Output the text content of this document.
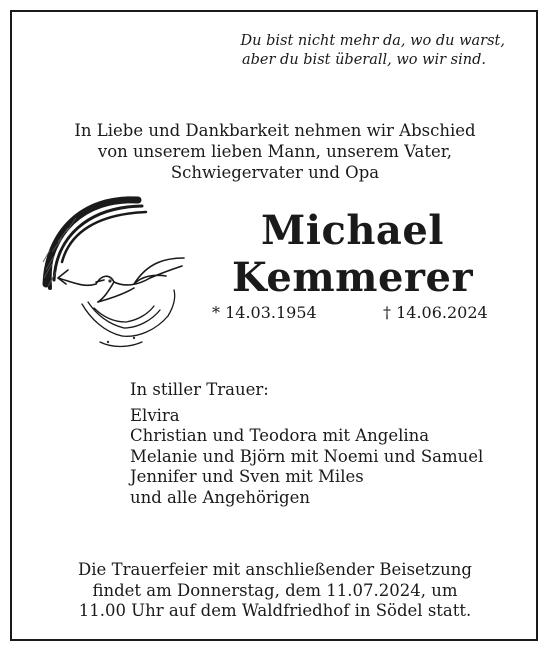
Du bist nicht mehr da, wo du warst,
aber du bist überall, wo wir sind.
In Liebe und Dankbarkeit nehmen wir Abschied
von unserem lieben Mann, unserem Vater,
Schwiegervater und Opa
Michael
Kemmerer
* 14.03.1954	† 14.06.2024
In stiller Trauer:
Elvira
Christian und Teodora mit Angelina
Melanie und Björn mit Noemi und Samuel
Jennifer und Sven mit Miles
und alle Angehörigen
Die Trauerfeier mit anschließender Beisetzung
findet am Donnerstag, dem 11.07.2024, um
11.00 Uhr auf dem Waldfriedhof in Södel statt.
